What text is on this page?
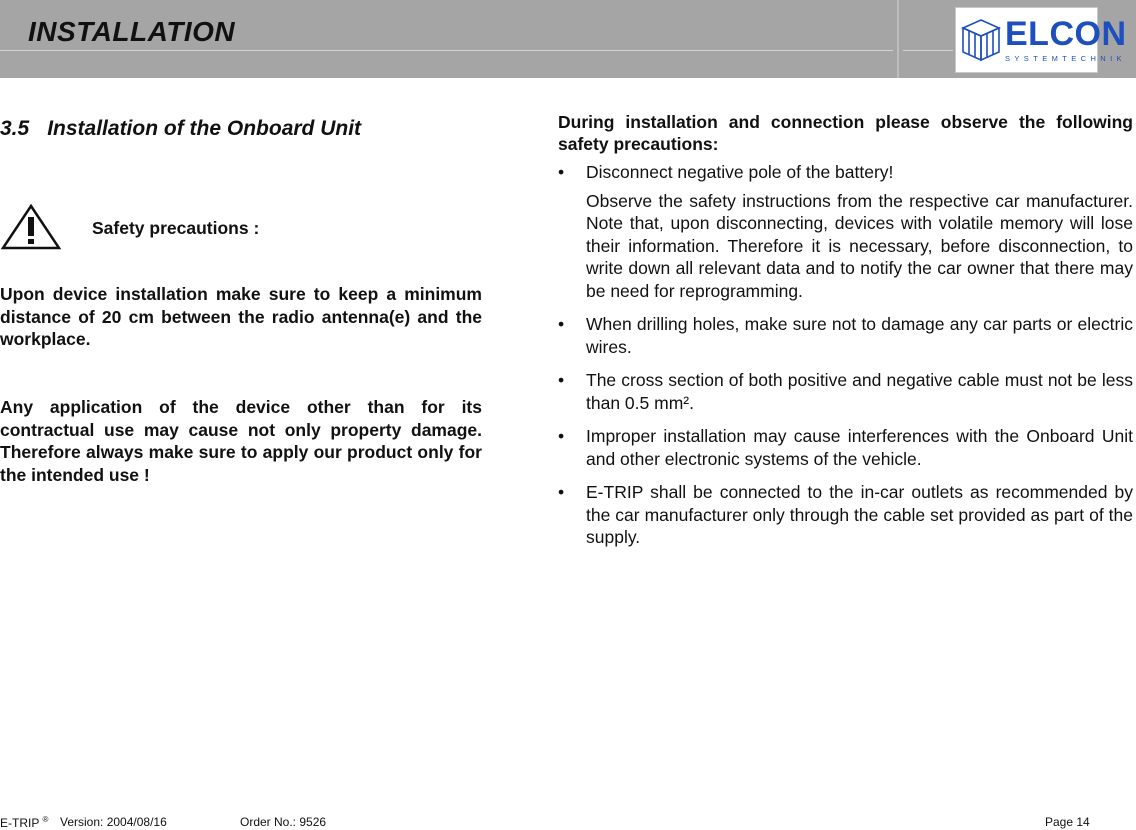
INSTALLATION	ELCON
SYSTEMTECHNIK
3.5 Installation of the Onboard Unit
Safety precautions :
Upon device installation make sure to keep a minimum distance of 20 cm between the radio antenna(e) and the workplace.
Any application of the device other than for its contractual use may cause not only property damage. Therefore always make sure to apply our product only for the intended use !
During installation and connection please observe the following safety precautions:
• Disconnect negative pole of the battery!
Observe the safety instructions from the respective car manufacturer. Note that, upon disconnecting, devices with volatile memory will lose their information. Therefore it is necessary, before disconnection, to write down all relevant data and to notify the car owner that there may be need for reprogramming.
• When drilling holes, make sure not to damage any car parts or electric wires.
• The cross section of both positive and negative cable must not be less than 0.5 mm².
• Improper installation may cause interferences with the Onboard Unit and other electronic systems of the vehicle.
• E-TRIP shall be connected to the in-car outlets as recommended by the car manufacturer only through the cable set provided as part of the supply.
E-TRIP ® Version: 2004/08/16	Order No.: 9526	Page 14
